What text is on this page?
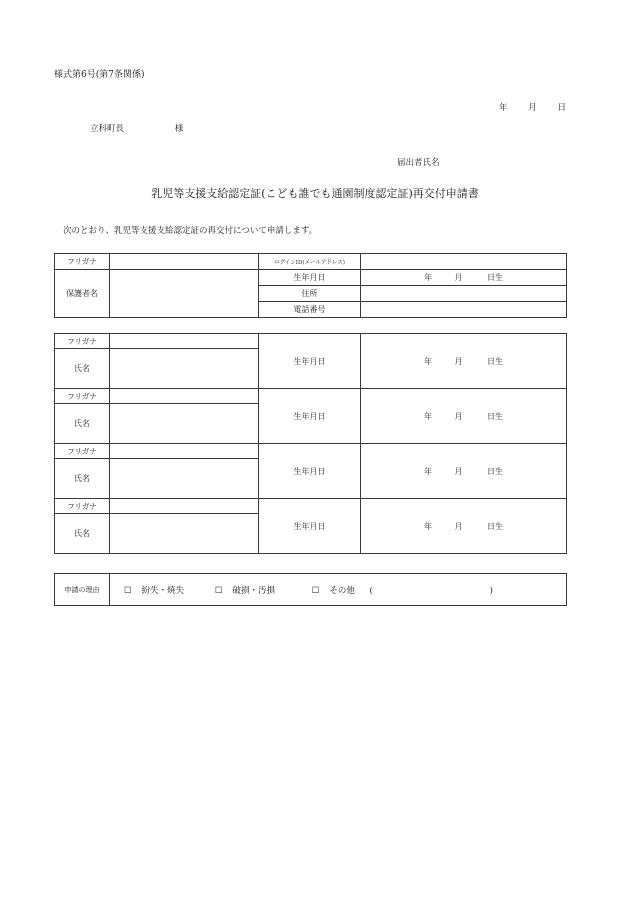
様式第6号(第7条関係)
年 月 日
立科町長	様
届出者氏名
乳児等支援支給認定証(こども誰でも通園制度認定証)再交付申請書
次のとおり、乳児等支援支給認定証の再交付について申請します。
フリガナ		ログインID(メールアドレス)	
保護者名		生年月日	年 月 日生
		住所	
		電話番号	
フリガナ		生年月日	年 月 日生
氏名			
フリガナ		生年月日	年 月 日生
氏名			
フリガナ		生年月日	年 月 日生
氏名			
フリガナ		生年月日	年 月 日生
氏名			
申請の理由	☐ 紛失・焼失	☐ 破損・汚損	☐ その他 (	)
